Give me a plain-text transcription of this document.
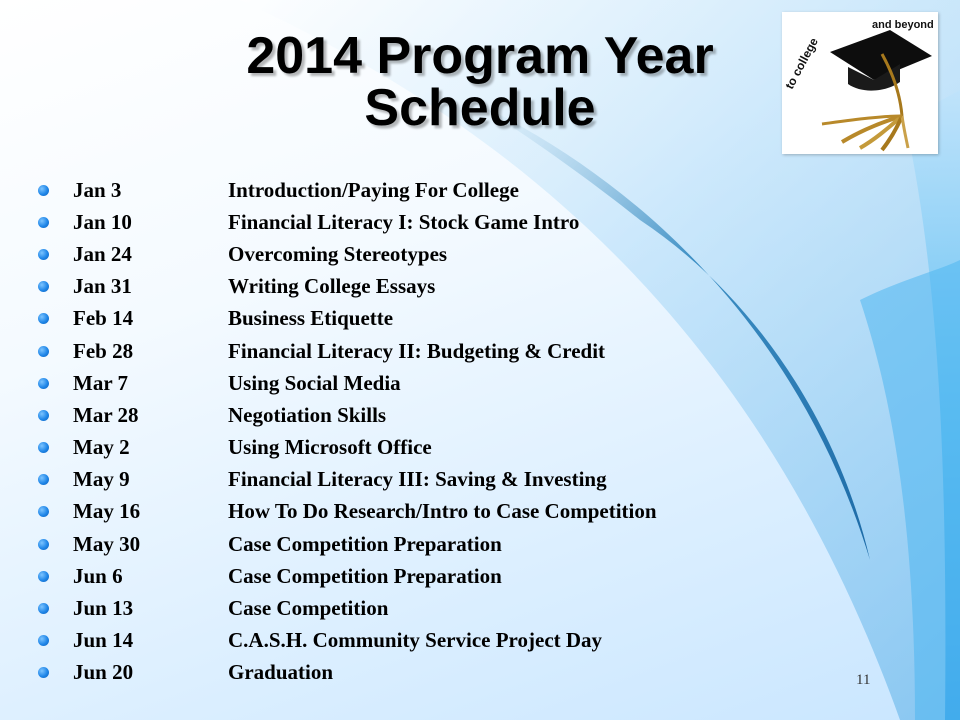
2014 Program Year
Schedule
and beyond
to college
Jan 3	Introduction/Paying For College
Jan 10	Financial Literacy I: Stock Game Intro
Jan 24	Overcoming Stereotypes
Jan 31	Writing College Essays
Feb 14	Business Etiquette
Feb 28	Financial Literacy II: Budgeting & Credit
Mar 7	Using Social Media
Mar 28	Negotiation Skills
May 2	Using Microsoft Office
May 9	Financial Literacy III: Saving & Investing
May 16	How To Do Research/Intro to Case Competition
May 30	Case Competition Preparation
Jun 6	Case Competition Preparation
Jun 13	Case Competition
Jun 14	C.A.S.H. Community Service Project Day
Jun 20	Graduation	11
